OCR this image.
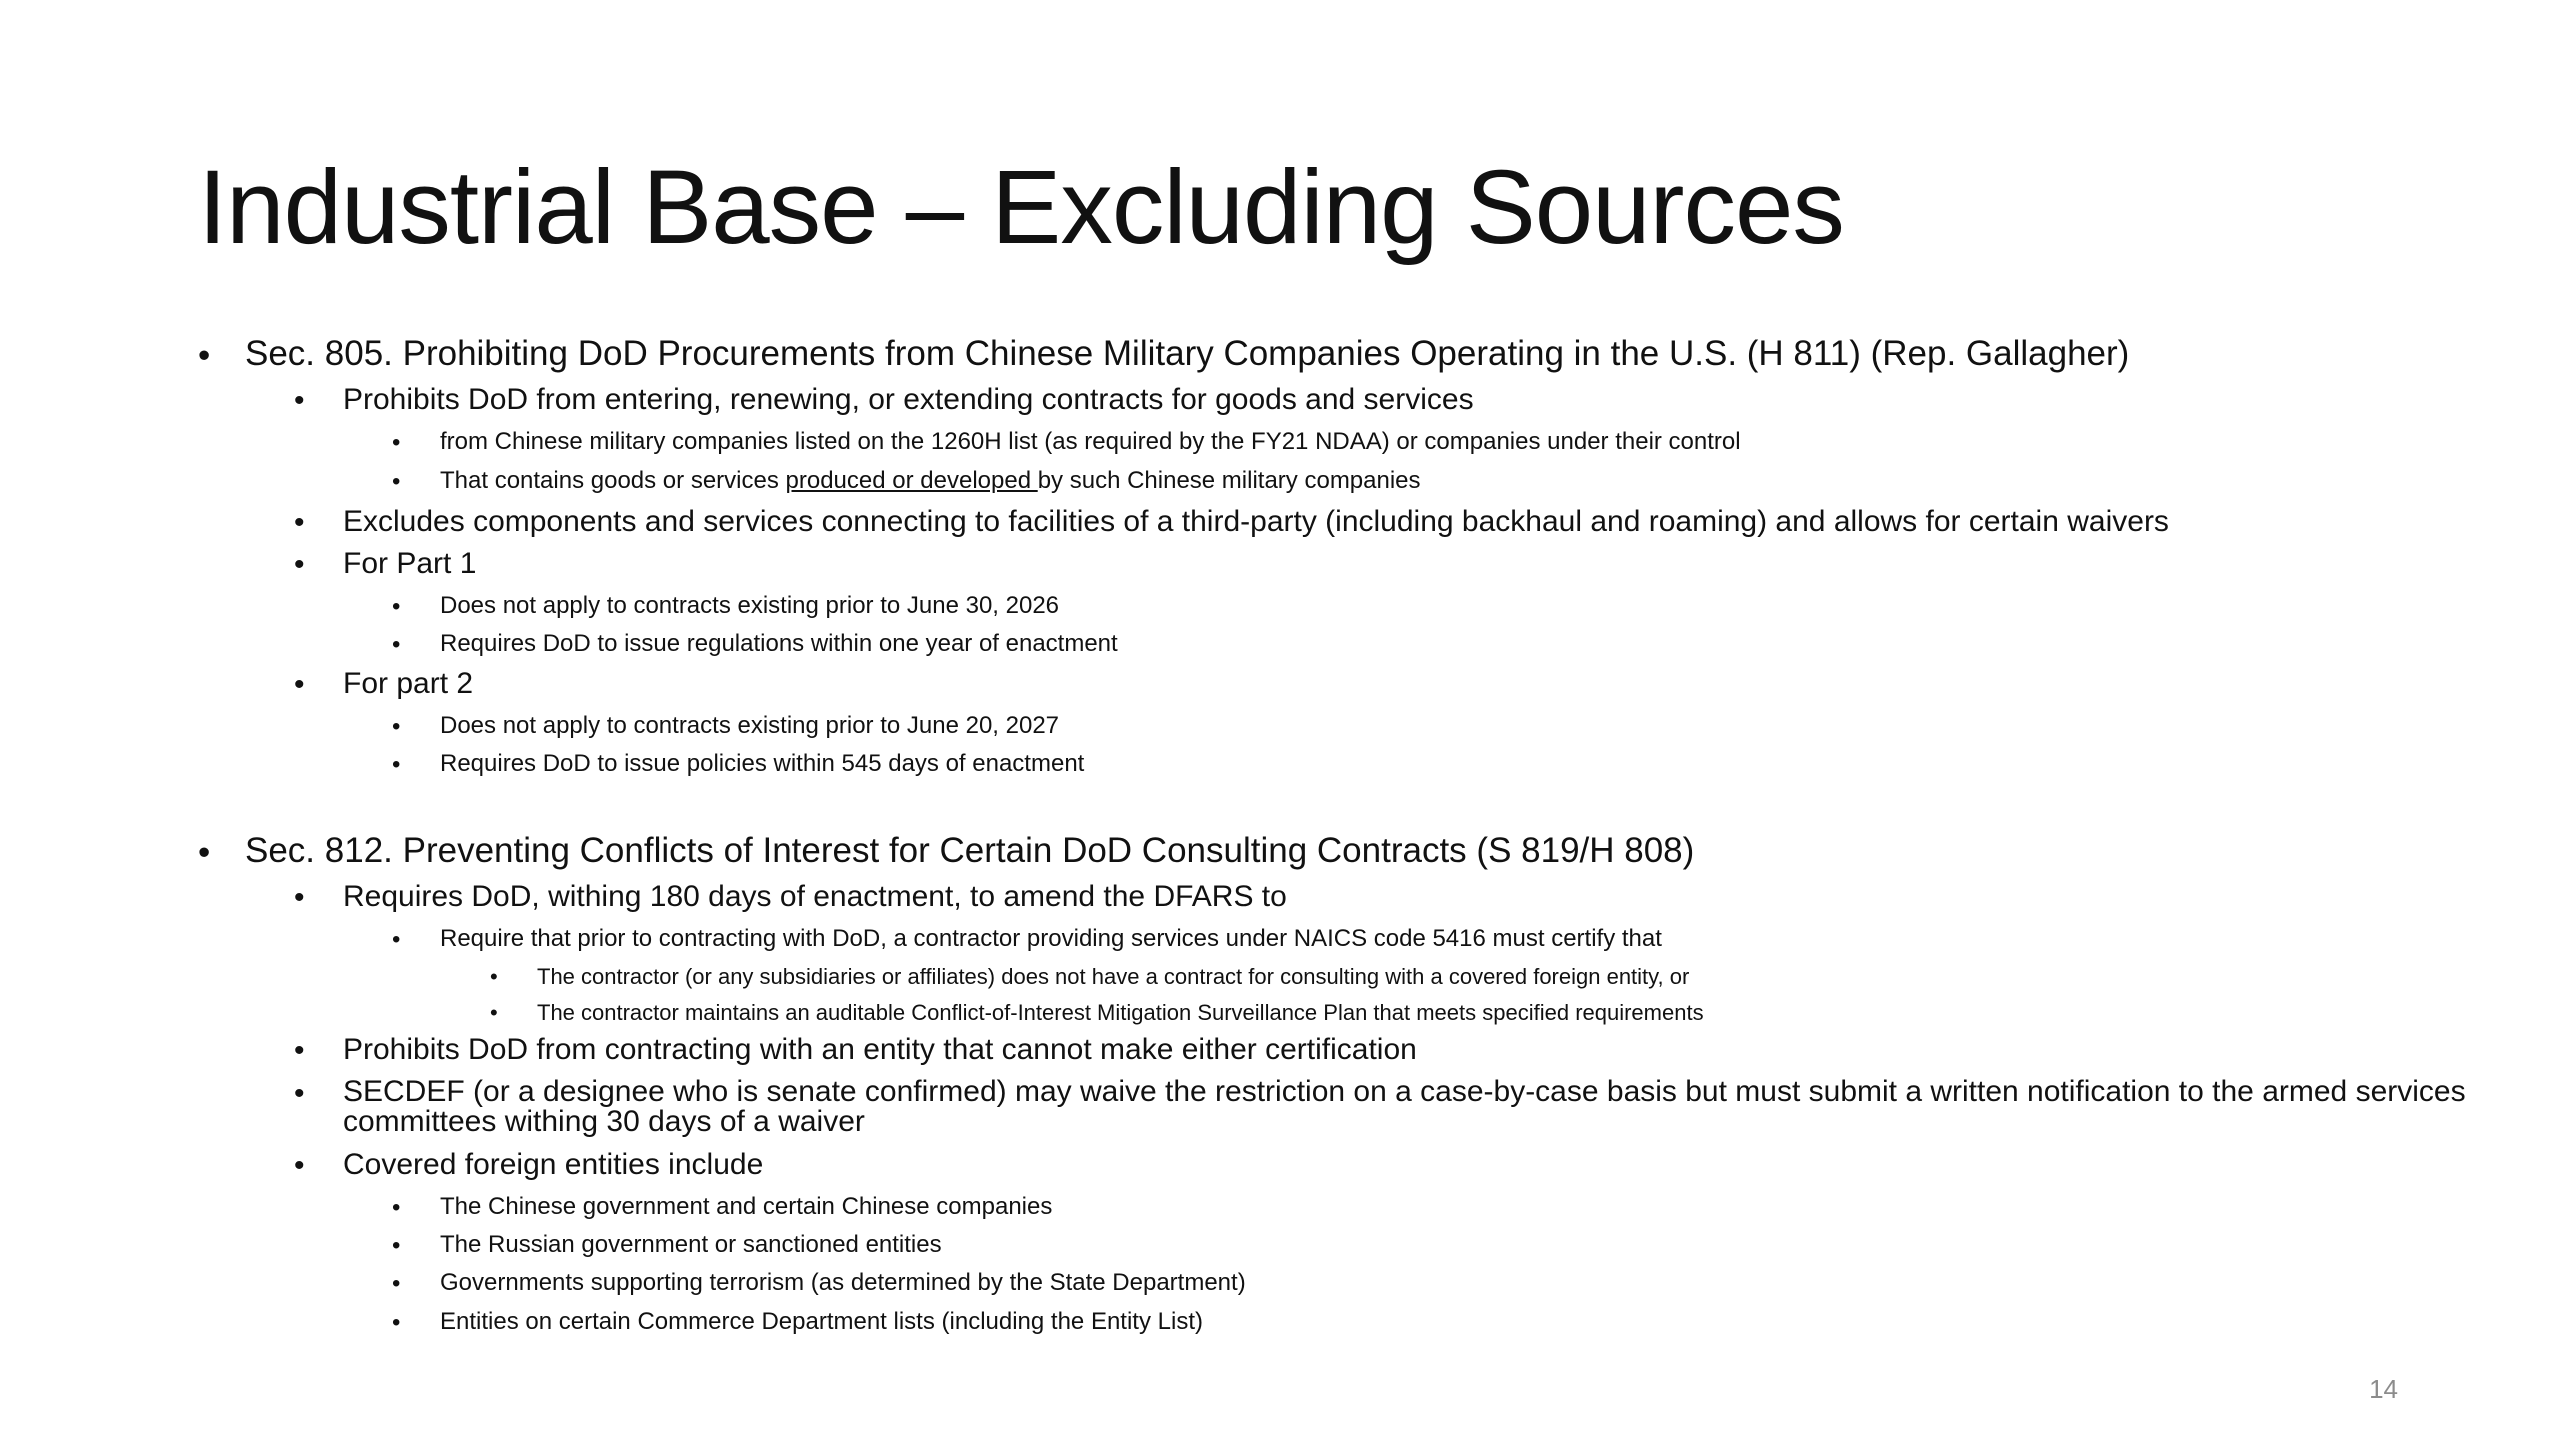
Industrial Base – Excluding Sources
• Sec. 805. Prohibiting DoD Procurements from Chinese Military Companies Operating in the U.S. (H 811) (Rep. Gallagher)
• Prohibits DoD from entering, renewing, or extending contracts for goods and services
• from Chinese military companies listed on the 1260H list (as required by the FY21 NDAA) or companies under their control
• That contains goods or services produced or developed by such Chinese military companies
• Excludes components and services connecting to facilities of a third-party (including backhaul and roaming) and allows for certain waivers
• For Part 1
• Does not apply to contracts existing prior to June 30, 2026
• Requires DoD to issue regulations within one year of enactment
• For part 2
• Does not apply to contracts existing prior to June 20, 2027
• Requires DoD to issue policies within 545 days of enactment
• Sec. 812. Preventing Conflicts of Interest for Certain DoD Consulting Contracts (S 819/H 808)
• Requires DoD, withing 180 days of enactment, to amend the DFARS to
• Require that prior to contracting with DoD, a contractor providing services under NAICS code 5416 must certify that
• The contractor (or any subsidiaries or affiliates) does not have a contract for consulting with a covered foreign entity, or
• The contractor maintains an auditable Conflict-of-Interest Mitigation Surveillance Plan that meets specified requirements
• Prohibits DoD from contracting with an entity that cannot make either certification
• SECDEF (or a designee who is senate confirmed) may waive the restriction on a case-by-case basis but must submit a written notification to the armed services committees withing 30 days of a waiver
• Covered foreign entities include
• The Chinese government and certain Chinese companies
• The Russian government or sanctioned entities
• Governments supporting terrorism (as determined by the State Department)
• Entities on certain Commerce Department lists (including the Entity List)
14
